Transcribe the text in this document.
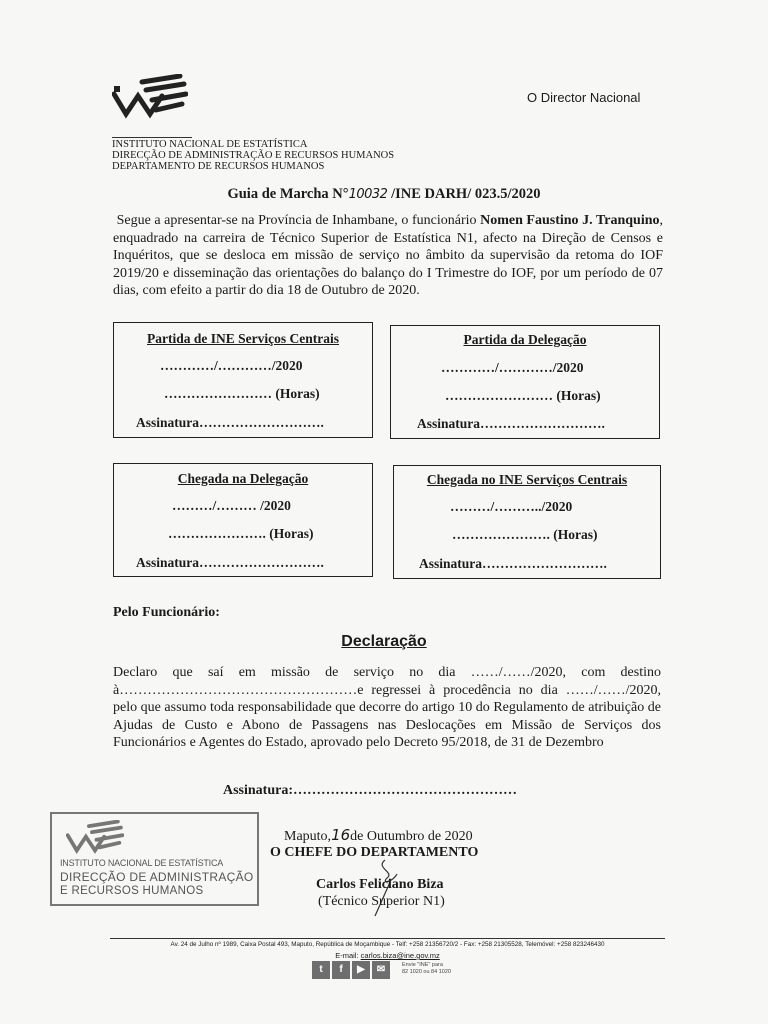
O Director Nacional
INSTITUTO NACIONAL DE ESTATÍSTICA
DIRECÇÃO DE ADMINISTRAÇÃO E RECURSOS HUMANOS
DEPARTAMENTO DE RECURSOS HUMANOS
Guia de Marcha N°10032 /INE DARH/ 023.5/2020
Segue a apresentar-se na Província de Inhambane, o funcionário Nomen Faustino J. Tranquino, enquadrado na carreira de Técnico Superior de Estatística N1, afecto na Direção de Censos e Inquéritos, que se desloca em missão de serviço no âmbito da supervisão da retoma do IOF 2019/20 e disseminação das orientações do balanço do I Trimestre do IOF, por um período de 07 dias, com efeito a partir do dia 18 de Outubro de 2020.
Partida de INE Serviços Centrais
…………/…………/2020
…………………… (Horas)
Assinatura……………………….
Partida da Delegação
…………/…………/2020
…………………… (Horas)
Assinatura……………………….
Chegada na Delegação
………/……… /2020
…………………. (Horas)
Assinatura……………………….
Chegada no INE Serviços Centrais
………/………../2020
…………………. (Horas)
Assinatura……………………….
Pelo Funcionário:
Declaração
Declaro que saí em missão de serviço no dia ……/……/2020, com destino à……………………………………………e regressei à procedência no dia ……/……/2020, pelo que assumo toda responsabilidade que decorre do artigo 10 do Regulamento de atribuição de Ajudas de Custo e Abono de Passagens nas Deslocações em Missão de Serviços dos Funcionários e Agentes do Estado, aprovado pelo Decreto 95/2018, de 31 de Dezembro
Assinatura:…………………………………………
INSTITUTO NACIONAL DE ESTATÍSTICA
DIRECÇÃO DE ADMINISTRAÇÃO
E RECURSOS HUMANOS
Maputo,16de Outumbro de 2020
O CHEFE DO DEPARTAMENTO
Carlos Feliciano Biza
(Técnico Superior N1)
Av. 24 de Julho nº 1989, Caixa Postal 493, Maputo, República de Moçambique - Telf: +258 21356720/2 - Fax: +258 21305528, Telemóvel: +258 823246430
E-mail: carlos.biza@ine.gov.mz
t f ▶ ✉	Envie "INE" para
82 1020 ou 84 1020
